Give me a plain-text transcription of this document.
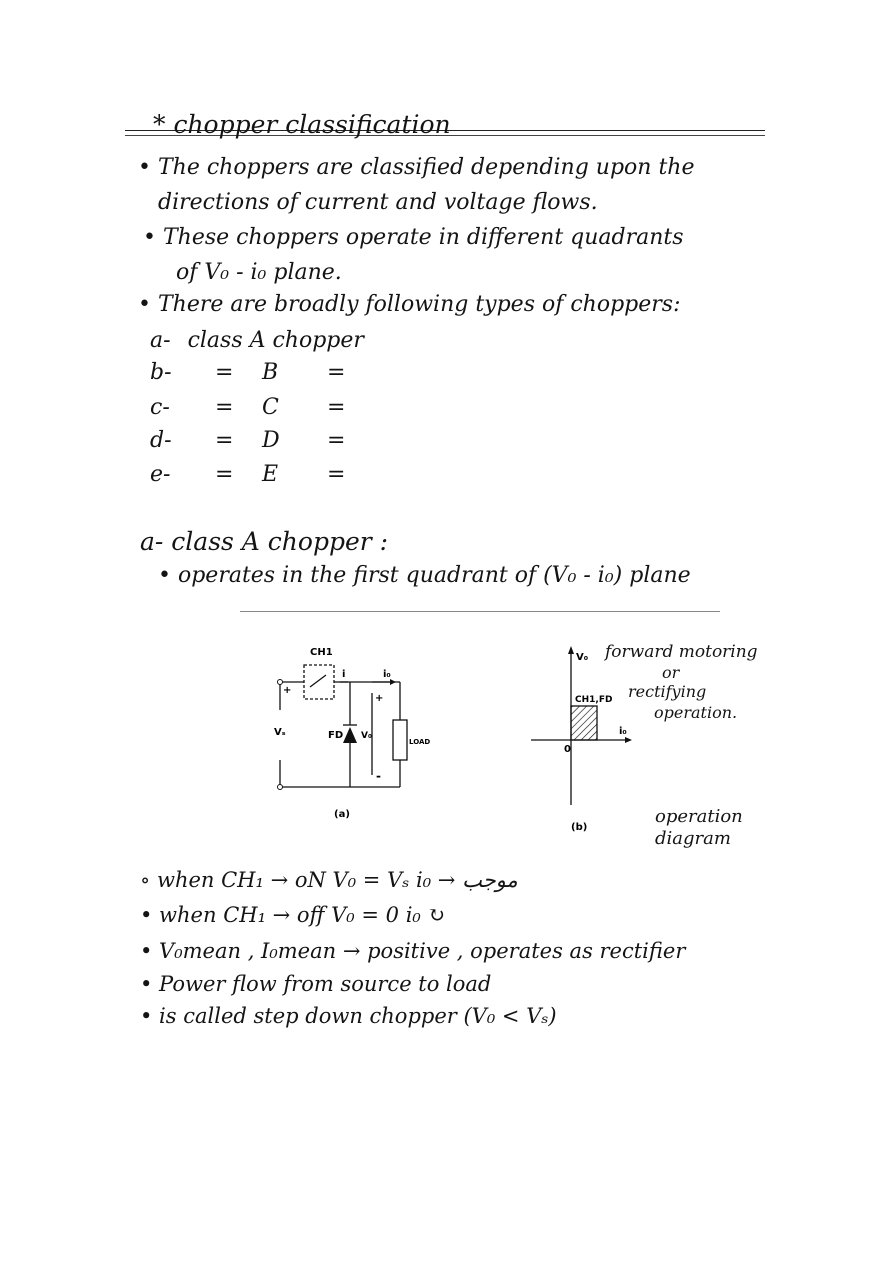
* chopper classification
• The choppers are classified depending upon the
directions of current and voltage flows.
• These choppers operate in different quadrants
of V₀ - i₀ plane.
• There are broadly following types of choppers:
a- class A chopper
b- = B =
c- = C =
d- = D =
e- = E =
a- class A chopper :
• operates in the first quadrant of (V₀ - i₀) plane
CH1
i	i₀
+
+
-
Vₛ	FD V₀
LOAD
(a)
V₀
i₀
0
CH1,FD
(b)
forward motoring
or
rectifying
operation.
operation
diagram
∘ when CH₁ → oN V₀ = Vₛ i₀ → موجب
• when CH₁ → off V₀ = 0 i₀ ↻
• V₀mean , I₀mean → positive , operates as rectifier
• Power flow from source to load
• is called step down chopper (V₀ < Vₛ)
